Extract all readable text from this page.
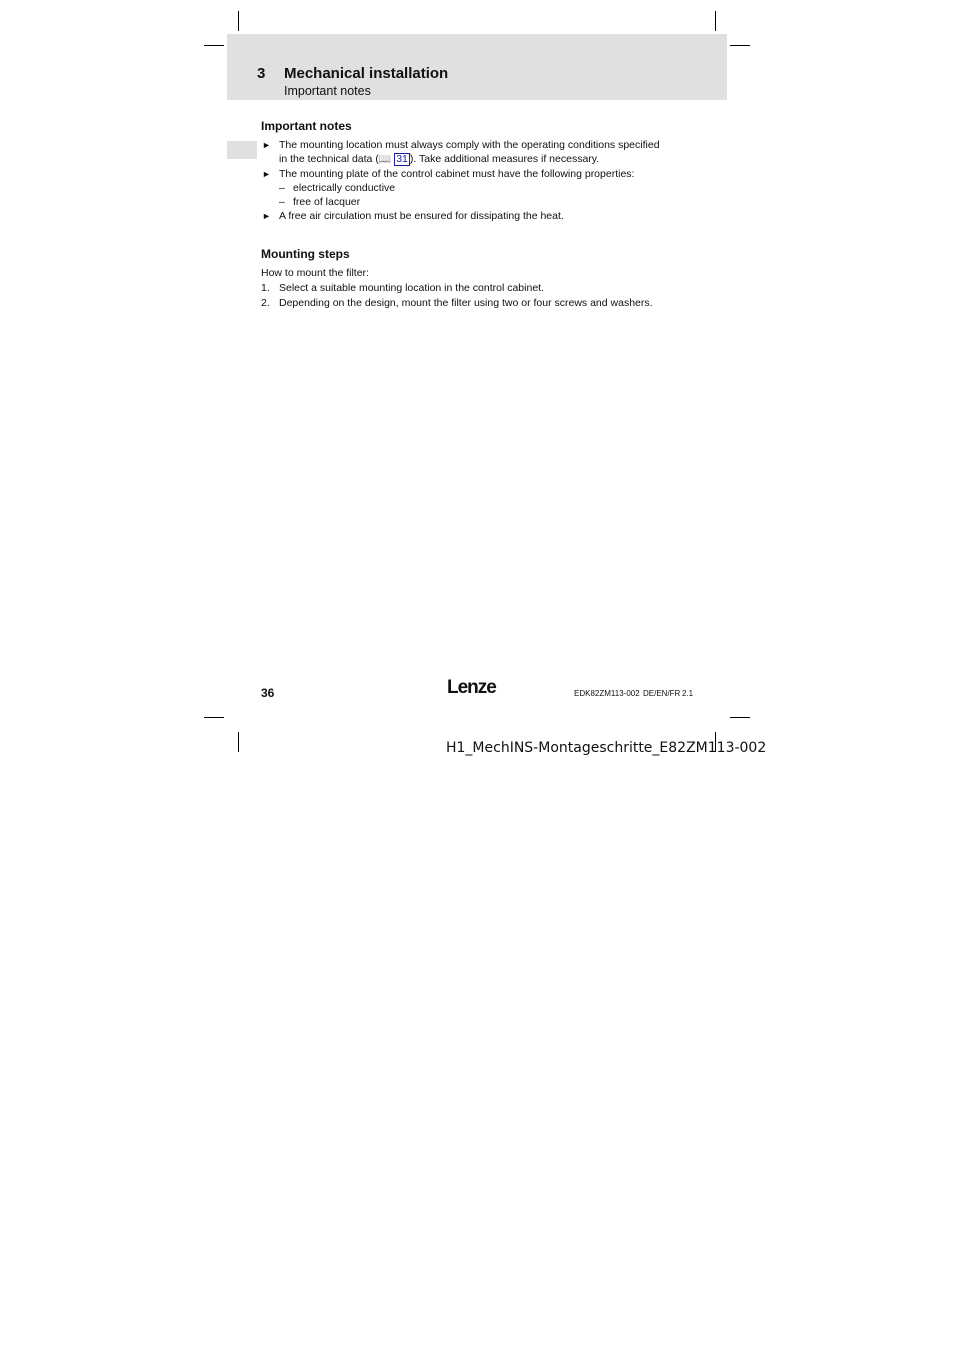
3 Mechanical installation
Important notes
Important notes
► The mounting location must always comply with the operating conditions specified
in the technical data (📖 31 ). Take additional measures if necessary.
► The mounting plate of the control cabinet must have the following properties:
– electrically conductive
– free of lacquer
► A free air circulation must be ensured for dissipating the heat.
Mounting steps
How to mount the filter:
1. Select a suitable mounting location in the control cabinet.
2. Depending on the design, mount the filter using two or four screws and washers.
36	Lenze	EDK82ZM113-002 DE/EN/FR 2.1
H1_MechINS-Montageschritte_E82ZM113-002
